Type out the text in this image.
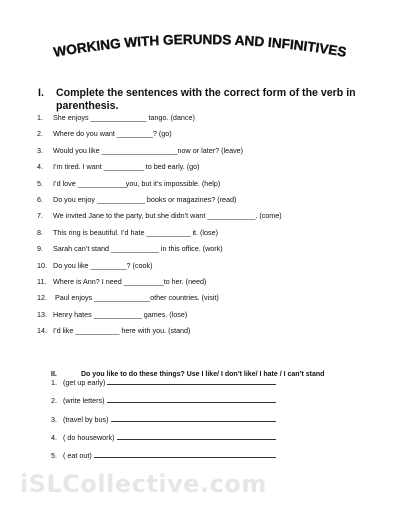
WORKING WITH GERUNDS AND INFINITIVES
I.	Complete the sentences with the correct form of the verb in parenthesis.
1. She enjoys ______________ tango. (dance)
2. Where do you want _________? (go)
3. Would you like ___________________now or later? (leave)
4. I’m tired. I want __________ to bed early. (go)
5. I’d love ____________you, but it’s impossible. (help)
6. Do you enjoy ____________ books or magazines? (read)
7. We invited Jane to the party, but she didn’t want ____________. (come)
8. This ring is beautiful. I’d hate ___________ it. (lose)
9. Sarah can’t stand ____________ in this office. (work)
10. Do you like _________? (cook)
11. Where is Ann? I need __________to her. (need)
12. Paul enjoys ______________other countries. (visit)
13. Henry hates ____________ games. (lose)
14. I’d like ___________ here with you. (stand)
II.	Do you like to do these things? Use I like/ I don’t like/ I hate / I can’t stand
1. (get up early)
2. (write letters)
3. (travel by bus)
4. ( do housework)
5. ( eat out)
iSLCollective.com
